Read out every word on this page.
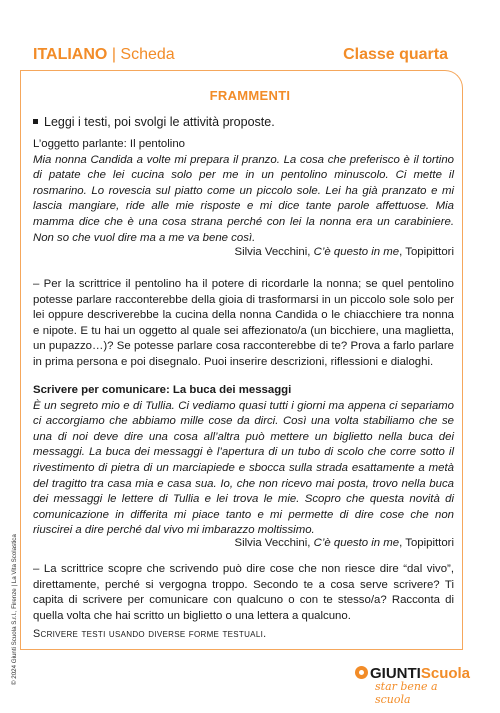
ITALIANO | Scheda	Classe quarta
FRAMMENTI
Leggi i testi, poi svolgi le attività proposte.

L’oggetto parlante: Il pentolino

Mia nonna Candida a volte mi prepara il pranzo. La cosa che preferisco è il tortino di patate che lei cucina solo per me in un pentolino minuscolo. Ci mette il rosmarino. Lo rovescia sul piatto come un piccolo sole. Lei ha già pranzato e mi lascia mangiare, ride alle mie risposte e mi dice tante parole affettuose. Mia mamma dice che è una cosa strana perché con lei la nonna era un carabiniere. Non so che vuol dire ma a me va bene così.

Silvia Vecchini, C’è questo in me, Topipittori
– Per la scrittrice il pentolino ha il potere di ricordarle la nonna; se quel pentolino potesse parlare racconterebbe della gioia di trasformarsi in un piccolo sole solo per lei oppure descriverebbe la cucina della nonna Candida o le chiacchiere tra nonna e nipote. E tu hai un oggetto al quale sei affezionato/a (un bicchiere, una maglietta, un pupazzo…)? Se potesse parlare cosa racconterebbe di te? Prova a farlo parlare in prima persona e poi disegnalo. Puoi inserire descrizioni, riflessioni e dialoghi.

Scrivere per comunicare: La buca dei messaggi

È un segreto mio e di Tullia. Ci vediamo quasi tutti i giorni ma appena ci separiamo ci accorgiamo che abbiamo mille cose da dirci. Così una volta stabiliamo che se una di noi deve dire una cosa all’altra può mettere un biglietto nella buca dei messaggi. La buca dei messaggi è l’apertura di un tubo di scolo che corre sotto il rivestimento di pietra di un marciapiede e sbocca sulla strada esattamente a metà del tragitto tra casa mia e casa sua. Io, che non ricevo mai posta, trovo nella buca dei messaggi le lettere di Tullia e lei trova le mie. Scopro che questa novità di comunicazione in differita mi piace tanto e mi permette di dire cose che non riuscirei a dire perché dal vivo mi imbarazzo moltissimo.

Silvia Vecchini, C’è questo in me, Topipittori
– La scrittrice scopre che scrivendo può dire cose che non riesce dire “dal vivo”, direttamente, perché si vergogna troppo. Secondo te a cosa serve scrivere? Ti capita di scrivere per comunicare con qualcuno o con te stesso/a? Racconta di quella volta che hai scritto un biglietto o una lettera a qualcuno.
Scrivere testi usando diverse forme testuali.
© 2024 Giunti Scuola S.r.l., Firenze | La Vita Scolastica	GIUNTIScuola
star bene a scuola
